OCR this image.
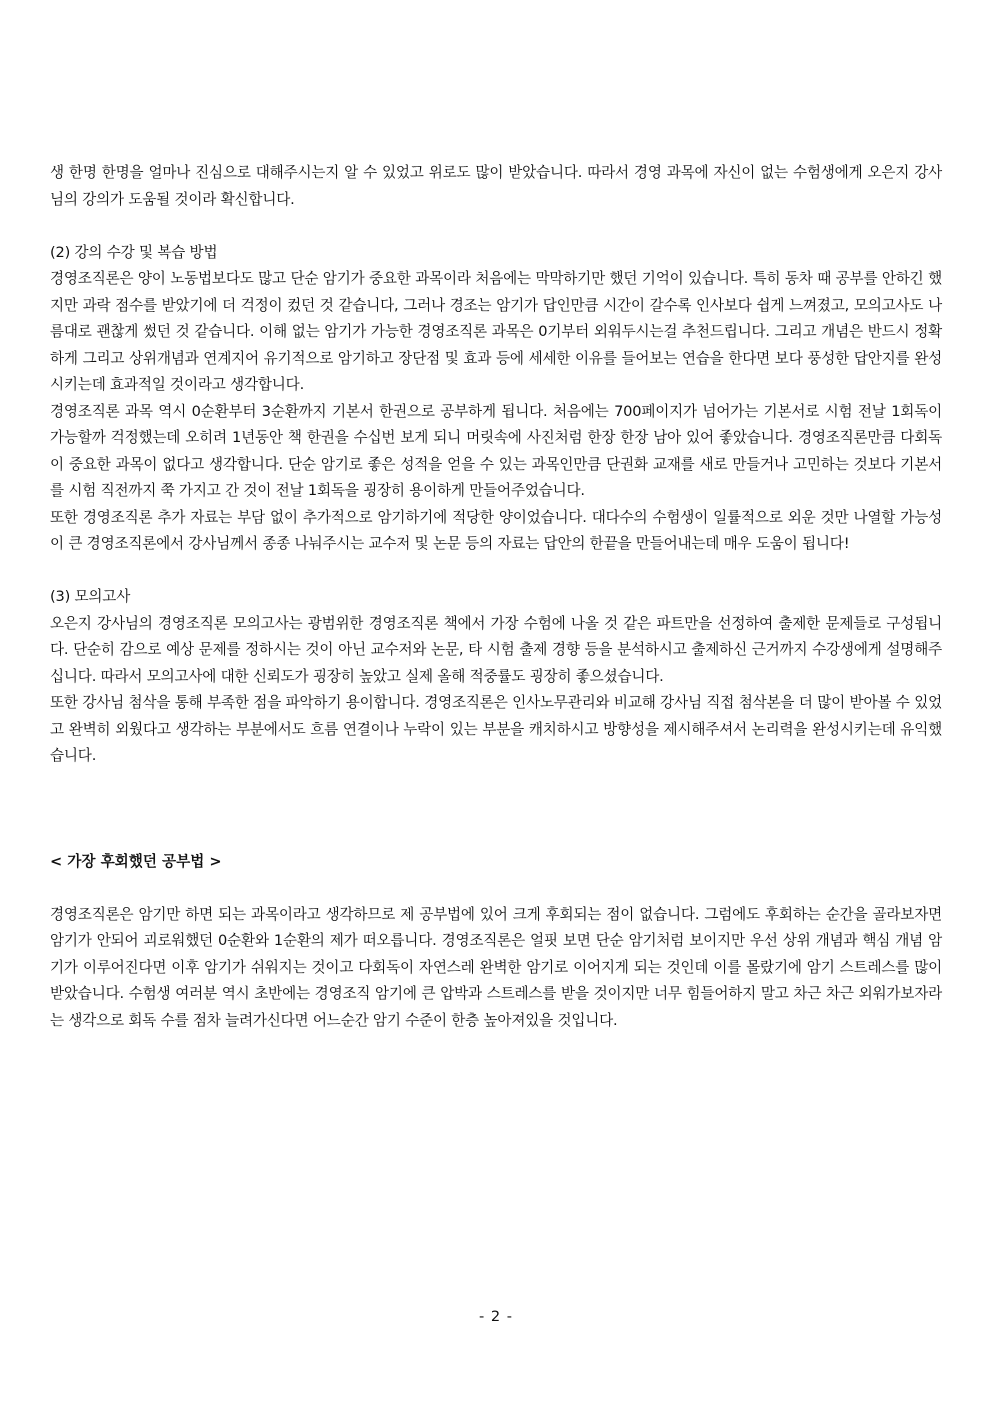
생 한명 한명을 얼마나 진심으로 대해주시는지 알 수 있었고 위로도 많이 받았습니다. 따라서 경영 과목에 자신이 없는 수험생에게 오은지 강사님의 강의가 도움될 것이라 확신합니다.

(2) 강의 수강 및 복습 방법

경영조직론은 양이 노동법보다도 많고 단순 암기가 중요한 과목이라 처음에는 막막하기만 했던 기억이 있습니다. 특히 동차 때 공부를 안하긴 했지만 과락 점수를 받았기에 더 걱정이 컸던 것 같습니다, 그러나 경조는 암기가 답인만큼 시간이 갈수록 인사보다 쉽게 느껴졌고, 모의고사도 나름대로 괜찮게 썼던 것 같습니다. 이해 없는 암기가 가능한 경영조직론 과목은 0기부터 외워두시는걸 추천드립니다. 그리고 개념은 반드시 정확하게 그리고 상위개념과 연계지어 유기적으로 암기하고 장단점 및 효과 등에 세세한 이유를 들어보는 연습을 한다면 보다 풍성한 답안지를 완성시키는데 효과적일 것이라고 생각합니다.

경영조직론 과목 역시 0순환부터 3순환까지 기본서 한권으로 공부하게 됩니다. 처음에는 700페이지가 넘어가는 기본서로 시험 전날 1회독이 가능할까 걱정했는데 오히려 1년동안 책 한권을 수십번 보게 되니 머릿속에 사진처럼 한장 한장 남아 있어 좋았습니다. 경영조직론만큼 다회독이 중요한 과목이 없다고 생각합니다. 단순 암기로 좋은 성적을 얻을 수 있는 과목인만큼 단권화 교재를 새로 만들거나 고민하는 것보다 기본서를 시험 직전까지 쭉 가지고 간 것이 전날 1회독을 굉장히 용이하게 만들어주었습니다.

또한 경영조직론 추가 자료는 부담 없이 추가적으로 암기하기에 적당한 양이었습니다. 대다수의 수험생이 일률적으로 외운 것만 나열할 가능성이 큰 경영조직론에서 강사님께서 종종 나눠주시는 교수저 및 논문 등의 자료는 답안의 한끝을 만들어내는데 매우 도움이 됩니다!

(3) 모의고사

오은지 강사님의 경영조직론 모의고사는 광범위한 경영조직론 책에서 가장 수험에 나올 것 같은 파트만을 선정하여 출제한 문제들로 구성됩니다. 단순히 감으로 예상 문제를 정하시는 것이 아닌 교수저와 논문, 타 시험 출제 경향 등을 분석하시고 출제하신 근거까지 수강생에게 설명해주십니다. 따라서 모의고사에 대한 신뢰도가 굉장히 높았고 실제 올해 적중률도 굉장히 좋으셨습니다.

또한 강사님 첨삭을 통해 부족한 점을 파악하기 용이합니다. 경영조직론은 인사노무관리와 비교해 강사님 직접 첨삭본을 더 많이 받아볼 수 있었고 완벽히 외웠다고 생각하는 부분에서도 흐름 연결이나 누락이 있는 부분을 캐치하시고 방향성을 제시해주셔서 논리력을 완성시키는데 유익했습니다.

< 가장 후회했던 공부법 >

경영조직론은 암기만 하면 되는 과목이라고 생각하므로 제 공부법에 있어 크게 후회되는 점이 없습니다. 그럼에도 후회하는 순간을 골라보자면 암기가 안되어 괴로워했던 0순환와 1순환의 제가 떠오릅니다. 경영조직론은 얼핏 보면 단순 암기처럼 보이지만 우선 상위 개념과 핵심 개념 암기가 이루어진다면 이후 암기가 쉬워지는 것이고 다회독이 자연스레 완벽한 암기로 이어지게 되는 것인데 이를 몰랐기에 암기 스트레스를 많이 받았습니다. 수험생 여러분 역시 초반에는 경영조직 암기에 큰 압박과 스트레스를 받을 것이지만 너무 힘들어하지 말고 차근 차근 외워가보자라는 생각으로 회독 수를 점차 늘려가신다면 어느순간 암기 수준이 한층 높아져있을 것입니다.

- 2 -
